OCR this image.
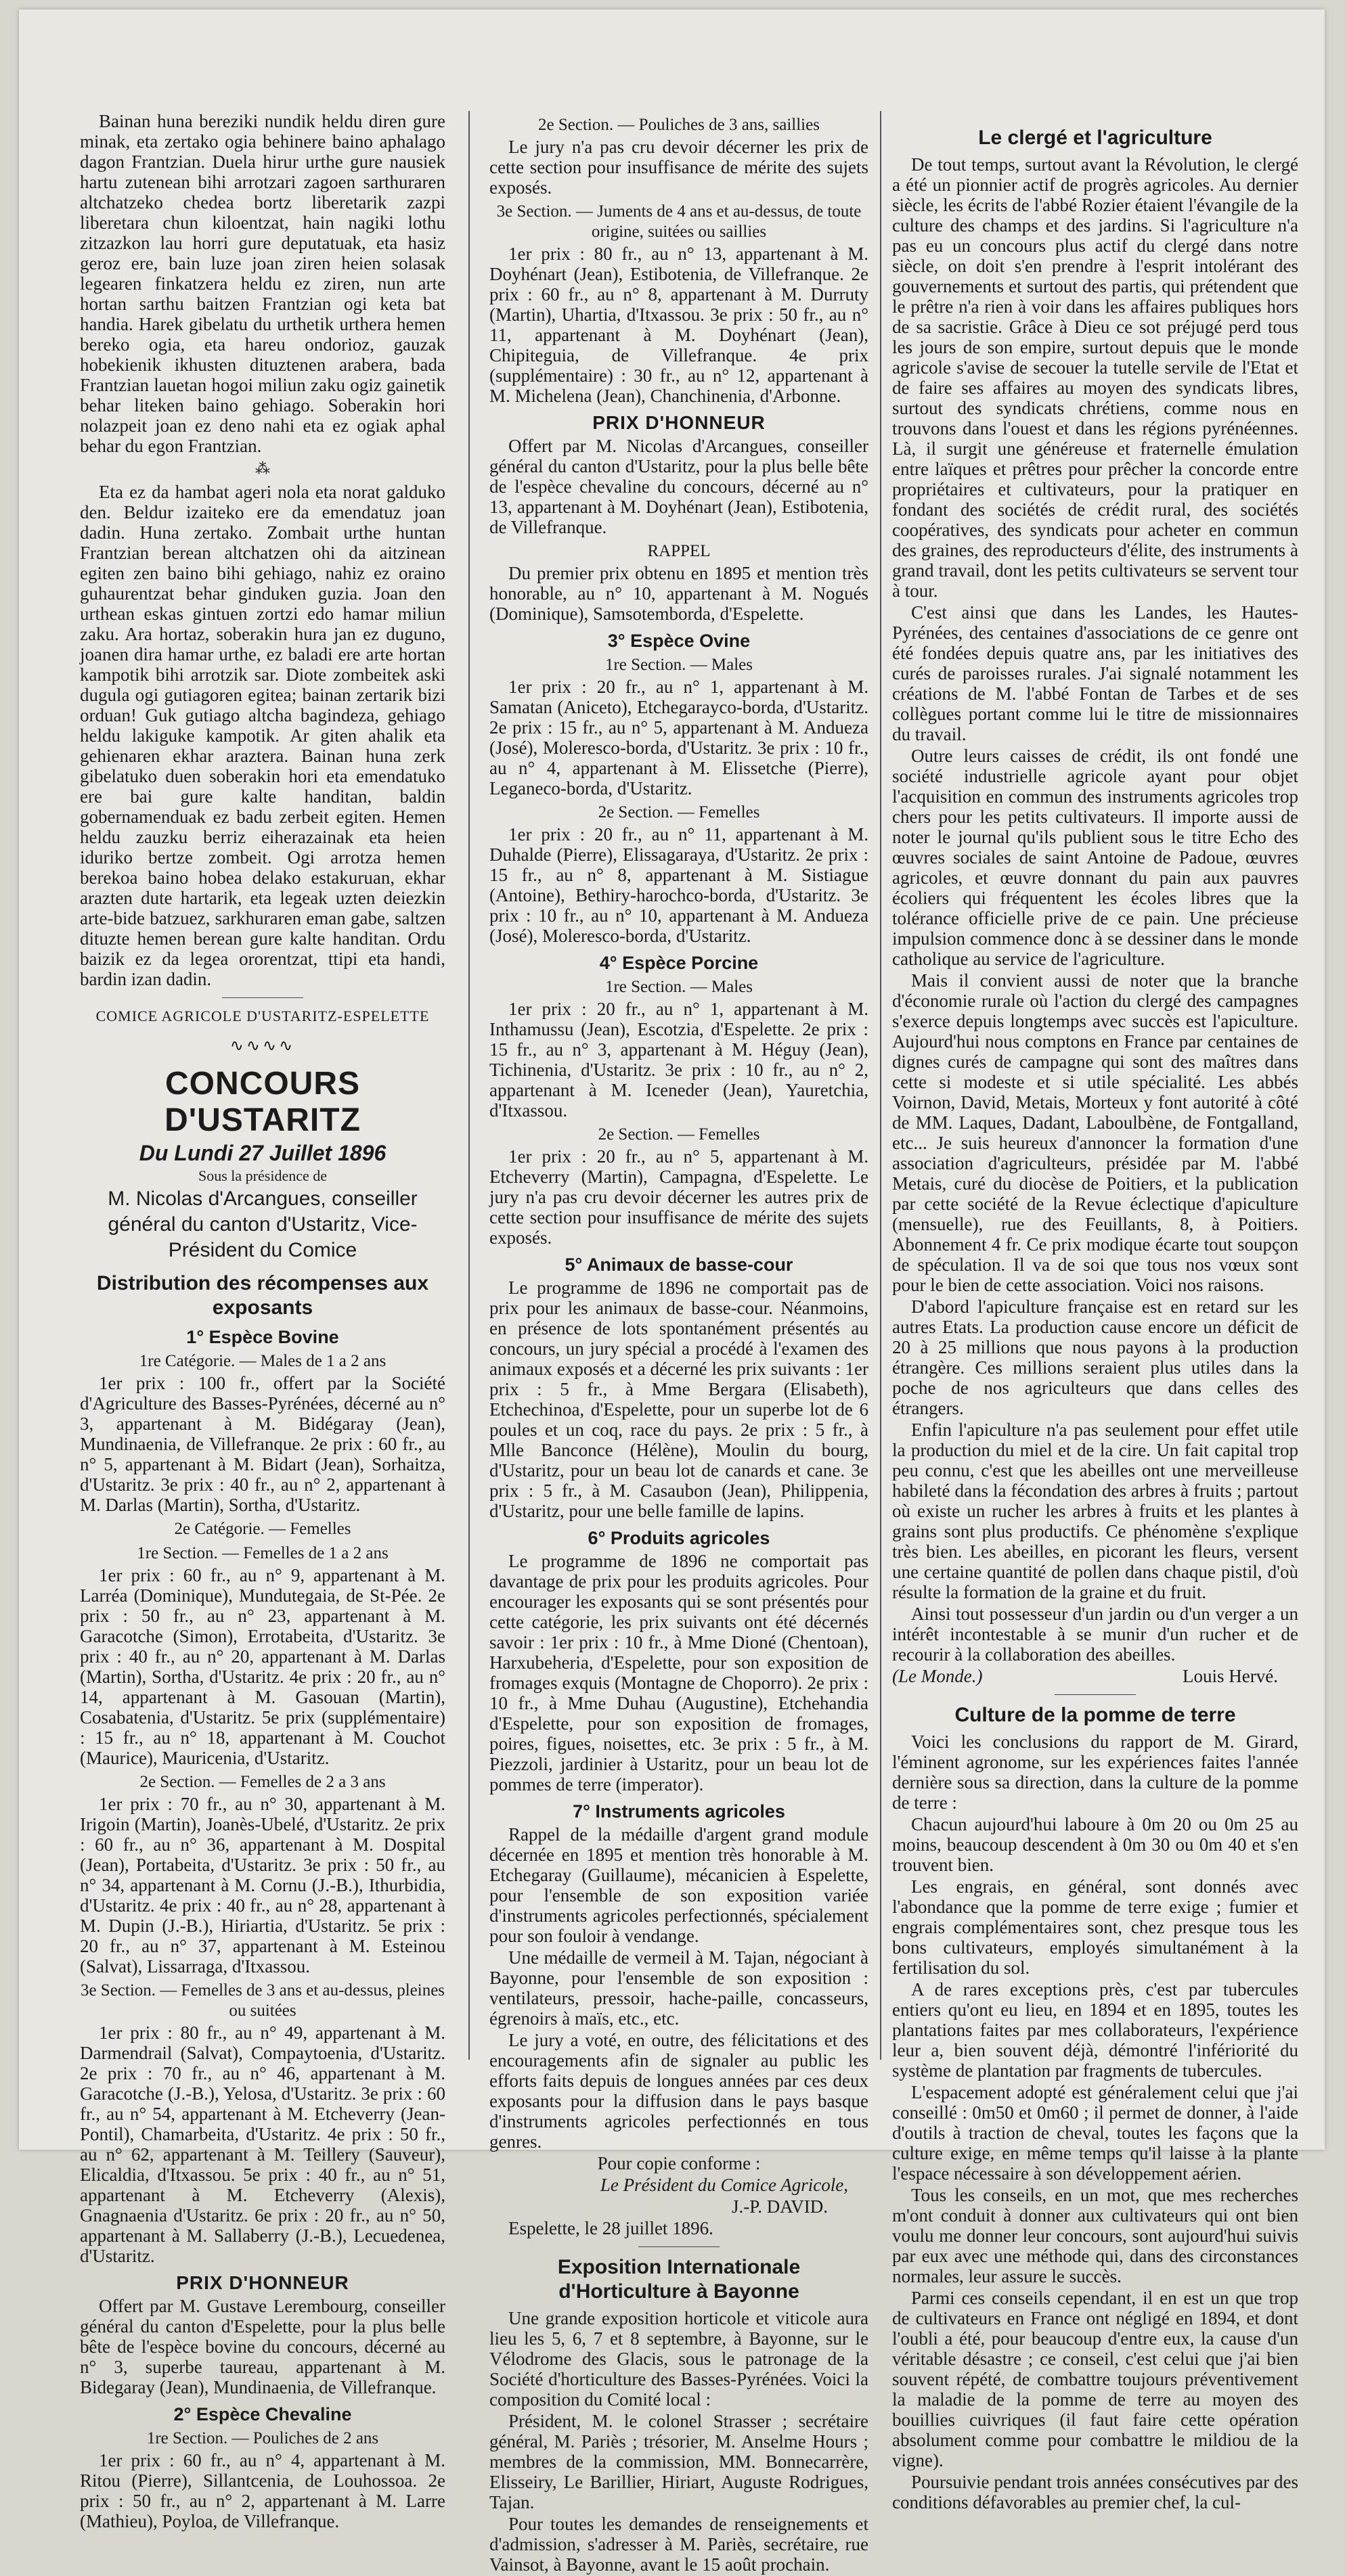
Bainan huna bereziki nundik heldu diren gure minak, eta zertako ogia behinere baino aphalago dagon Frantzian. Duela hirur urthe gure nausiek hartu zutenean bihi arrotzari zagoen sarthuraren altchatzeko chedea bortz liberetarik zazpi liberetara chun kiloentzat, hain nagiki lothu zitzazkon lau horri gure deputatuak, eta hasiz geroz ere, bain luze joan ziren heien solasak legearen finkatzera heldu ez ziren, nun arte hortan sarthu baitzen Frantzian ogi keta bat handia. Harek gibelatu du urthetik urthera hemen bereko ogia, eta hareu ondorioz, gauzak hobekienik ikhusten dituztenen arabera, bada Frantzian lauetan hogoi miliun zaku ogiz gainetik behar liteken baino gehiago. Soberakin hori nolazpeit joan ez deno nahi eta ez ogiak aphal behar du egon Frantzian.

⁂

Eta ez da hambat ageri nola eta norat galduko den. Beldur izaiteko ere da emendatuz joan dadin. Huna zertako. Zombait urthe huntan Frantzian berean altchatzen ohi da aitzinean egiten zen baino bihi gehiago, nahiz ez oraino guhaurentzat behar ginduken guzia. Joan den urthean eskas gintuen zortzi edo hamar miliun zaku. Ara hortaz, soberakin hura jan ez duguno, joanen dira hamar urthe, ez baladi ere arte hortan kampotik bihi arrotzik sar. Diote zombeitek aski dugula ogi gutiagoren egitea; bainan zertarik bizi orduan! Guk gutiago altcha bagindeza, gehiago heldu lakiguke kampotik. Ar giten ahalik eta gehienaren ekhar araztera. Bainan huna zerk gibelatuko duen soberakin hori eta emendatuko ere bai gure kalte handitan, baldin gobernamenduak ez badu zerbeit egiten. Hemen heldu zauzku berriz eiherazainak eta heien iduriko bertze zombeit. Ogi arrotza hemen berekoa baino hobea delako estakuruan, ekhar arazten dute hartarik, eta legeak uzten deiezkin arte-bide batzuez, sarkhuraren eman gabe, saltzen dituzte hemen berean gure kalte handitan. Ordu baizik ez da legea ororentzat, ttipi eta handi, bardin izan dadin.

COMICE AGRICOLE D'USTARITZ-ESPELETTE

∿∿∿∿
CONCOURS D'USTARITZ
Du Lundi 27 Juillet 1896
Sous la présidence de
M. Nicolas d'Arcangues, conseiller général du canton d'Ustaritz, Vice-Président du Comice
Distribution des récompenses aux exposants
1° Espèce Bovine
1re Catégorie. — Males de 1 a 2 ans

1er prix : 100 fr., offert par la Société d'Agriculture des Basses-Pyrénées, décerné au n° 3, appartenant à M. Bidégaray (Jean), Mundinaenia, de Villefranque. 2e prix : 60 fr., au n° 5, appartenant à M. Bidart (Jean), Sorhaitza, d'Ustaritz. 3e prix : 40 fr., au n° 2, appartenant à M. Darlas (Martin), Sortha, d'Ustaritz.

2e Catégorie. — Femelles
1re Section. — Femelles de 1 a 2 ans

1er prix : 60 fr., au n° 9, appartenant à M. Larréa (Dominique), Mundutegaia, de St-Pée. 2e prix : 50 fr., au n° 23, appartenant à M. Garacotche (Simon), Errotabeita, d'Ustaritz. 3e prix : 40 fr., au n° 20, appartenant à M. Darlas (Martin), Sortha, d'Ustaritz. 4e prix : 20 fr., au n° 14, appartenant à M. Gasouan (Martin), Cosabatenia, d'Ustaritz. 5e prix (supplémentaire) : 15 fr., au n° 18, appartenant à M. Couchot (Maurice), Mauricenia, d'Ustaritz.

2e Section. — Femelles de 2 a 3 ans

1er prix : 70 fr., au n° 30, appartenant à M. Irigoin (Martin), Joanès-Ubelé, d'Ustaritz. 2e prix : 60 fr., au n° 36, appartenant à M. Dospital (Jean), Portabeita, d'Ustaritz. 3e prix : 50 fr., au n° 34, appartenant à M. Cornu (J.-B.), Ithurbidia, d'Ustaritz. 4e prix : 40 fr., au n° 28, appartenant à M. Dupin (J.-B.), Hiriartia, d'Ustaritz. 5e prix : 20 fr., au n° 37, appartenant à M. Esteinou (Salvat), Lissarraga, d'Itxassou.

3e Section. — Femelles de 3 ans et au-dessus, pleines ou suitées

1er prix : 80 fr., au n° 49, appartenant à M. Darmendrail (Salvat), Compaytoenia, d'Ustaritz. 2e prix : 70 fr., au n° 46, appartenant à M. Garacotche (J.-B.), Yelosa, d'Ustaritz. 3e prix : 60 fr., au n° 54, appartenant à M. Etcheverry (Jean-Pontil), Chamarbeita, d'Ustaritz. 4e prix : 50 fr., au n° 62, appartenant à M. Teillery (Sauveur), Elicaldia, d'Itxassou. 5e prix : 40 fr., au n° 51, appartenant à M. Etcheverry (Alexis), Gnagnaenia d'Ustaritz. 6e prix : 20 fr., au n° 50, appartenant à M. Sallaberry (J.-B.), Lecuedenea, d'Ustaritz.

PRIX D'HONNEUR

Offert par M. Gustave Lerembourg, conseiller général du canton d'Espelette, pour la plus belle bête de l'espèce bovine du concours, décerné au n° 3, superbe taureau, appartenant à M. Bidegaray (Jean), Mundinaenia, de Villefranque.

2° Espèce Chevaline
1re Section. — Pouliches de 2 ans

1er prix : 60 fr., au n° 4, appartenant à M. Ritou (Pierre), Sillantcenia, de Louhossoa. 2e prix : 50 fr., au n° 2, appartenant à M. Larre (Mathieu), Poyloa, de Villefranque.

2e Section. — Pouliches de 3 ans, saillies

Le jury n'a pas cru devoir décerner les prix de cette section pour insuffisance de mérite des sujets exposés.

3e Section. — Juments de 4 ans et au-dessus, de toute origine, suitées ou saillies

1er prix : 80 fr., au n° 13, appartenant à M. Doyhénart (Jean), Estibotenia, de Villefranque. 2e prix : 60 fr., au n° 8, appartenant à M. Durruty (Martin), Uhartia, d'Itxassou. 3e prix : 50 fr., au n° 11, appartenant à M. Doyhénart (Jean), Chipiteguia, de Villefranque. 4e prix (supplémentaire) : 30 fr., au n° 12, appartenant à M. Michelena (Jean), Chanchinenia, d'Arbonne.

PRIX D'HONNEUR

Offert par M. Nicolas d'Arcangues, conseiller général du canton d'Ustaritz, pour la plus belle bête de l'espèce chevaline du concours, décerné au n° 13, appartenant à M. Doyhénart (Jean), Estibotenia, de Villefranque.

RAPPEL

Du premier prix obtenu en 1895 et mention très honorable, au n° 10, appartenant à M. Nogués (Dominique), Samsotemborda, d'Espelette.

3° Espèce Ovine
1re Section. — Males

1er prix : 20 fr., au n° 1, appartenant à M. Samatan (Aniceto), Etchegarayco-borda, d'Ustaritz. 2e prix : 15 fr., au n° 5, appartenant à M. Andueza (José), Moleresco-borda, d'Ustaritz. 3e prix : 10 fr., au n° 4, appartenant à M. Elissetche (Pierre), Leganeco-borda, d'Ustaritz.

2e Section. — Femelles

1er prix : 20 fr., au n° 11, appartenant à M. Duhalde (Pierre), Elissagaraya, d'Ustaritz. 2e prix : 15 fr., au n° 8, appartenant à M. Sistiague (Antoine), Bethiry-harochco-borda, d'Ustaritz. 3e prix : 10 fr., au n° 10, appartenant à M. Andueza (José), Moleresco-borda, d'Ustaritz.

4° Espèce Porcine
1re Section. — Males

1er prix : 20 fr., au n° 1, appartenant à M. Inthamussu (Jean), Escotzia, d'Espelette. 2e prix : 15 fr., au n° 3, appartenant à M. Héguy (Jean), Tichinenia, d'Ustaritz. 3e prix : 10 fr., au n° 2, appartenant à M. Iceneder (Jean), Yauretchia, d'Itxassou.

2e Section. — Femelles

1er prix : 20 fr., au n° 5, appartenant à M. Etcheverry (Martin), Campagna, d'Espelette. Le jury n'a pas cru devoir décerner les autres prix de cette section pour insuffisance de mérite des sujets exposés.

5° Animaux de basse-cour

Le programme de 1896 ne comportait pas de prix pour les animaux de basse-cour. Néanmoins, en présence de lots spontanément présentés au concours, un jury spécial a procédé à l'examen des animaux exposés et a décerné les prix suivants : 1er prix : 5 fr., à Mme Bergara (Elisabeth), Etchechinoa, d'Espelette, pour un superbe lot de 6 poules et un coq, race du pays. 2e prix : 5 fr., à Mlle Banconce (Hélène), Moulin du bourg, d'Ustaritz, pour un beau lot de canards et cane. 3e prix : 5 fr., à M. Casaubon (Jean), Philippenia, d'Ustaritz, pour une belle famille de lapins.

6° Produits agricoles

Le programme de 1896 ne comportait pas davantage de prix pour les produits agricoles. Pour encourager les exposants qui se sont présentés pour cette catégorie, les prix suivants ont été décernés savoir : 1er prix : 10 fr., à Mme Dioné (Chentoan), Harxubeheria, d'Espelette, pour son exposition de fromages exquis (Montagne de Choporro). 2e prix : 10 fr., à Mme Duhau (Augustine), Etchehandia d'Espelette, pour son exposition de fromages, poires, figues, noisettes, etc. 3e prix : 5 fr., à M. Piezzoli, jardinier à Ustaritz, pour un beau lot de pommes de terre (imperator).

7° Instruments agricoles

Rappel de la médaille d'argent grand module décernée en 1895 et mention très honorable à M. Etchegaray (Guillaume), mécanicien à Espelette, pour l'ensemble de son exposition variée d'instruments agricoles perfectionnés, spécialement pour son fouloir à vendange.

Une médaille de vermeil à M. Tajan, négociant à Bayonne, pour l'ensemble de son exposition : ventilateurs, pressoir, hache-paille, concasseurs, égrenoirs à maïs, etc., etc.

Le jury a voté, en outre, des félicitations et des encouragements afin de signaler au public les efforts faits depuis de longues années par ces deux exposants pour la diffusion dans le pays basque d'instruments agricoles perfectionnés en tous genres.

Pour copie conforme :

Le Président du Comice Agricole,

J.-P. DAVID.

Espelette, le 28 juillet 1896.

Exposition Internationale d'Horticulture à Bayonne

Une grande exposition horticole et viticole aura lieu les 5, 6, 7 et 8 septembre, à Bayonne, sur le Vélodrome des Glacis, sous le patronage de la Société d'horticulture des Basses-Pyrénées. Voici la composition du Comité local :

Président, M. le colonel Strasser ; secrétaire général, M. Pariès ; trésorier, M. Anselme Hours ; membres de la commission, MM. Bonnecarrère, Elisseiry, Le Barillier, Hiriart, Auguste Rodrigues, Tajan.

Pour toutes les demandes de renseignements et d'admission, s'adresser à M. Pariès, secrétaire, rue Vainsot, à Bayonne, avant le 15 août prochain.

Le clergé et l'agriculture

De tout temps, surtout avant la Révolution, le clergé a été un pionnier actif de progrès agricoles. Au dernier siècle, les écrits de l'abbé Rozier étaient l'évangile de la culture des champs et des jardins. Si l'agriculture n'a pas eu un concours plus actif du clergé dans notre siècle, on doit s'en prendre à l'esprit intolérant des gouvernements et surtout des partis, qui prétendent que le prêtre n'a rien à voir dans les affaires publiques hors de sa sacristie. Grâce à Dieu ce sot préjugé perd tous les jours de son empire, surtout depuis que le monde agricole s'avise de secouer la tutelle servile de l'Etat et de faire ses affaires au moyen des syndicats libres, surtout des syndicats chrétiens, comme nous en trouvons dans l'ouest et dans les régions pyrénéennes. Là, il surgit une généreuse et fraternelle émulation entre laïques et prêtres pour prêcher la concorde entre propriétaires et cultivateurs, pour la pratiquer en fondant des sociétés de crédit rural, des sociétés coopératives, des syndicats pour acheter en commun des graines, des reproducteurs d'élite, des instruments à grand travail, dont les petits cultivateurs se servent tour à tour.

C'est ainsi que dans les Landes, les Hautes-Pyrénées, des centaines d'associations de ce genre ont été fondées depuis quatre ans, par les initiatives des curés de paroisses rurales. J'ai signalé notamment les créations de M. l'abbé Fontan de Tarbes et de ses collègues portant comme lui le titre de missionnaires du travail.

Outre leurs caisses de crédit, ils ont fondé une société industrielle agricole ayant pour objet l'acquisition en commun des instruments agricoles trop chers pour les petits cultivateurs. Il importe aussi de noter le journal qu'ils publient sous le titre Echo des œuvres sociales de saint Antoine de Padoue, œuvres agricoles, et œuvre donnant du pain aux pauvres écoliers qui fréquentent les écoles libres que la tolérance officielle prive de ce pain. Une précieuse impulsion commence donc à se dessiner dans le monde catholique au service de l'agriculture.

Mais il convient aussi de noter que la branche d'économie rurale où l'action du clergé des campagnes s'exerce depuis longtemps avec succès est l'apiculture. Aujourd'hui nous comptons en France par centaines de dignes curés de campagne qui sont des maîtres dans cette si modeste et si utile spécialité. Les abbés Voirnon, David, Metais, Morteux y font autorité à côté de MM. Laques, Dadant, Laboulbène, de Fontgalland, etc... Je suis heureux d'annoncer la formation d'une association d'agriculteurs, présidée par M. l'abbé Metais, curé du diocèse de Poitiers, et la publication par cette société de la Revue éclectique d'apiculture (mensuelle), rue des Feuillants, 8, à Poitiers. Abonnement 4 fr. Ce prix modique écarte tout soupçon de spéculation. Il va de soi que tous nos vœux sont pour le bien de cette association. Voici nos raisons.

D'abord l'apiculture française est en retard sur les autres Etats. La production cause encore un déficit de 20 à 25 millions que nous payons à la production étrangère. Ces millions seraient plus utiles dans la poche de nos agriculteurs que dans celles des étrangers.

Enfin l'apiculture n'a pas seulement pour effet utile la production du miel et de la cire. Un fait capital trop peu connu, c'est que les abeilles ont une merveilleuse habileté dans la fécondation des arbres à fruits ; partout où existe un rucher les arbres à fruits et les plantes à grains sont plus productifs. Ce phénomène s'explique très bien. Les abeilles, en picorant les fleurs, versent une certaine quantité de pollen dans chaque pistil, d'où résulte la formation de la graine et du fruit.

Ainsi tout possesseur d'un jardin ou d'un verger a un intérêt incontestable à se munir d'un rucher et de recourir à la collaboration des abeilles.

(Le Monde.)	Louis Hervé.

Culture de la pomme de terre

Voici les conclusions du rapport de M. Girard, l'éminent agronome, sur les expériences faites l'année dernière sous sa direction, dans la culture de la pomme de terre :

Chacun aujourd'hui laboure à 0m 20 ou 0m 25 au moins, beaucoup descendent à 0m 30 ou 0m 40 et s'en trouvent bien.

Les engrais, en général, sont donnés avec l'abondance que la pomme de terre exige ; fumier et engrais complémentaires sont, chez presque tous les bons cultivateurs, employés simultanément à la fertilisation du sol.

A de rares exceptions près, c'est par tubercules entiers qu'ont eu lieu, en 1894 et en 1895, toutes les plantations faites par mes collaborateurs, l'expérience leur a, bien souvent déjà, démontré l'infériorité du système de plantation par fragments de tubercules.

L'espacement adopté est généralement celui que j'ai conseillé : 0m50 et 0m60 ; il permet de donner, à l'aide d'outils à traction de cheval, toutes les façons que la culture exige, en même temps qu'il laisse à la plante l'espace nécessaire à son développement aérien.

Tous les conseils, en un mot, que mes recherches m'ont conduit à donner aux cultivateurs qui ont bien voulu me donner leur concours, sont aujourd'hui suivis par eux avec une méthode qui, dans des circonstances normales, leur assure le succès.

Parmi ces conseils cependant, il en est un que trop de cultivateurs en France ont négligé en 1894, et dont l'oubli a été, pour beaucoup d'entre eux, la cause d'un véritable désastre ; ce conseil, c'est celui que j'ai bien souvent répété, de combattre toujours préventivement la maladie de la pomme de terre au moyen des bouillies cuivriques (il faut faire cette opération absolument comme pour combattre le mildiou de la vigne).

Poursuivie pendant trois années consécutives par des conditions défavorables au premier chef, la cul-
